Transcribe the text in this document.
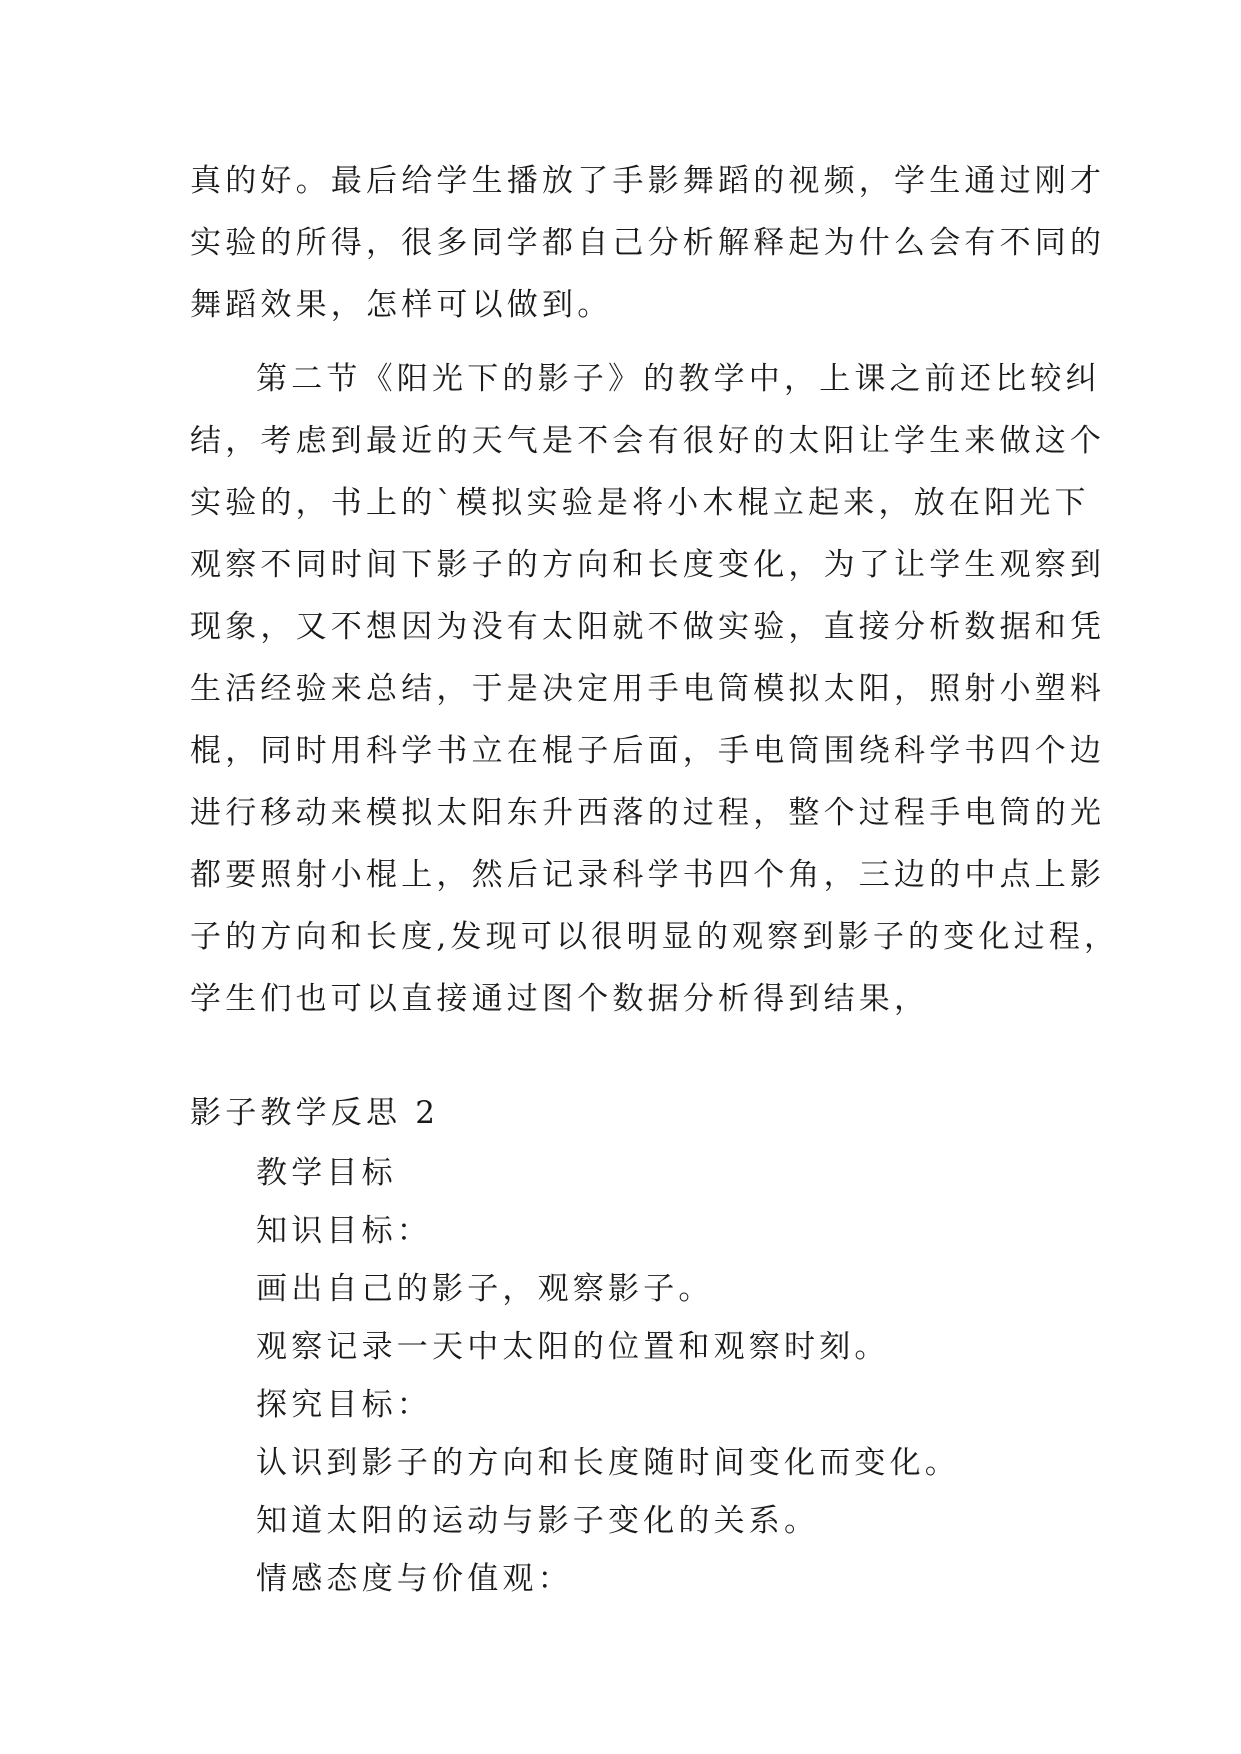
真的好。最后给学生播放了手影舞蹈的视频，学生通过刚才
实验的所得，很多同学都自己分析解释起为什么会有不同的
舞蹈效果，怎样可以做到。
第二节《阳光下的影子》的教学中，上课之前还比较纠
结，考虑到最近的天气是不会有很好的太阳让学生来做这个
实验的，书上的`模拟实验是将小木棍立起来，放在阳光下
观察不同时间下影子的方向和长度变化，为了让学生观察到
现象，又不想因为没有太阳就不做实验，直接分析数据和凭
生活经验来总结，于是决定用手电筒模拟太阳，照射小塑料
棍，同时用科学书立在棍子后面，手电筒围绕科学书四个边
进行移动来模拟太阳东升西落的过程，整个过程手电筒的光
都要照射小棍上，然后记录科学书四个角，三边的中点上影
子的方向和长度,发现可以很明显的观察到影子的变化过程，
学生们也可以直接通过图个数据分析得到结果，
影子教学反思 2
教学目标
知识目标：
画出自己的影子，观察影子。
观察记录一天中太阳的位置和观察时刻。
探究目标：
认识到影子的方向和长度随时间变化而变化。
知道太阳的运动与影子变化的关系。
情感态度与价值观：
